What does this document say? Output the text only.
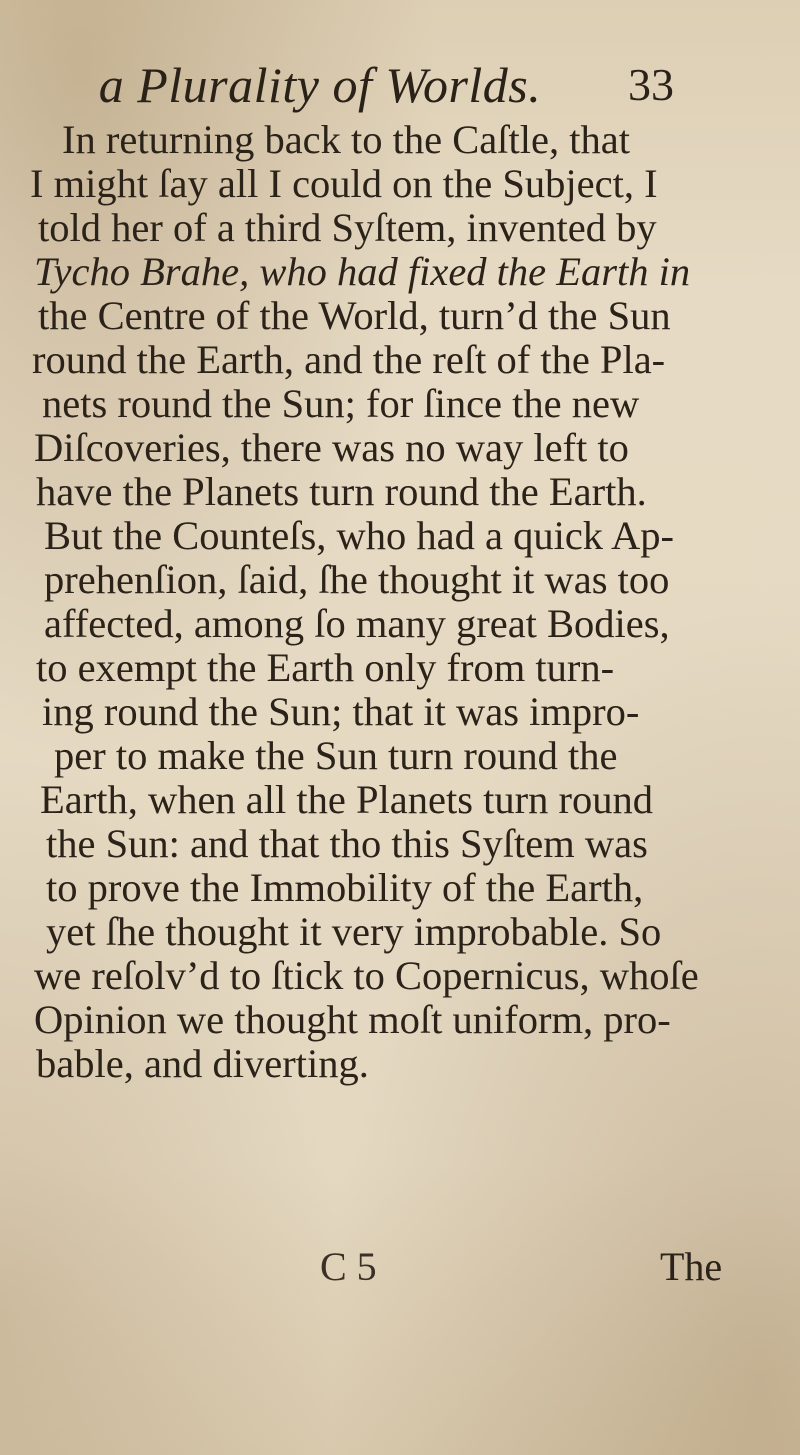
a Plurality of Worlds.	33
In returning back to the Caſtle, that
I might ſay all I could on the Subject, I
told her of a third Syſtem, invented by
Tycho Brahe, who had fixed the Earth in
the Centre of the World, turn’d the Sun
round the Earth, and the reſt of the Pla-
nets round the Sun; for ſince the new
Diſcoveries, there was no way left to
have the Planets turn round the Earth.
But the Counteſs, who had a quick Ap-
prehenſion, ſaid, ſhe thought it was too
affected, among ſo many great Bodies,
to exempt the Earth only from turn-
ing round the Sun; that it was impro-
per to make the Sun turn round the
Earth, when all the Planets turn round
the Sun: and that tho this Syſtem was
to prove the Immobility of the Earth,
yet ſhe thought it very improbable. So
we reſolv’d to ſtick to Copernicus, whoſe
Opinion we thought moſt uniform, pro-
bable, and diverting.
C 5	The
